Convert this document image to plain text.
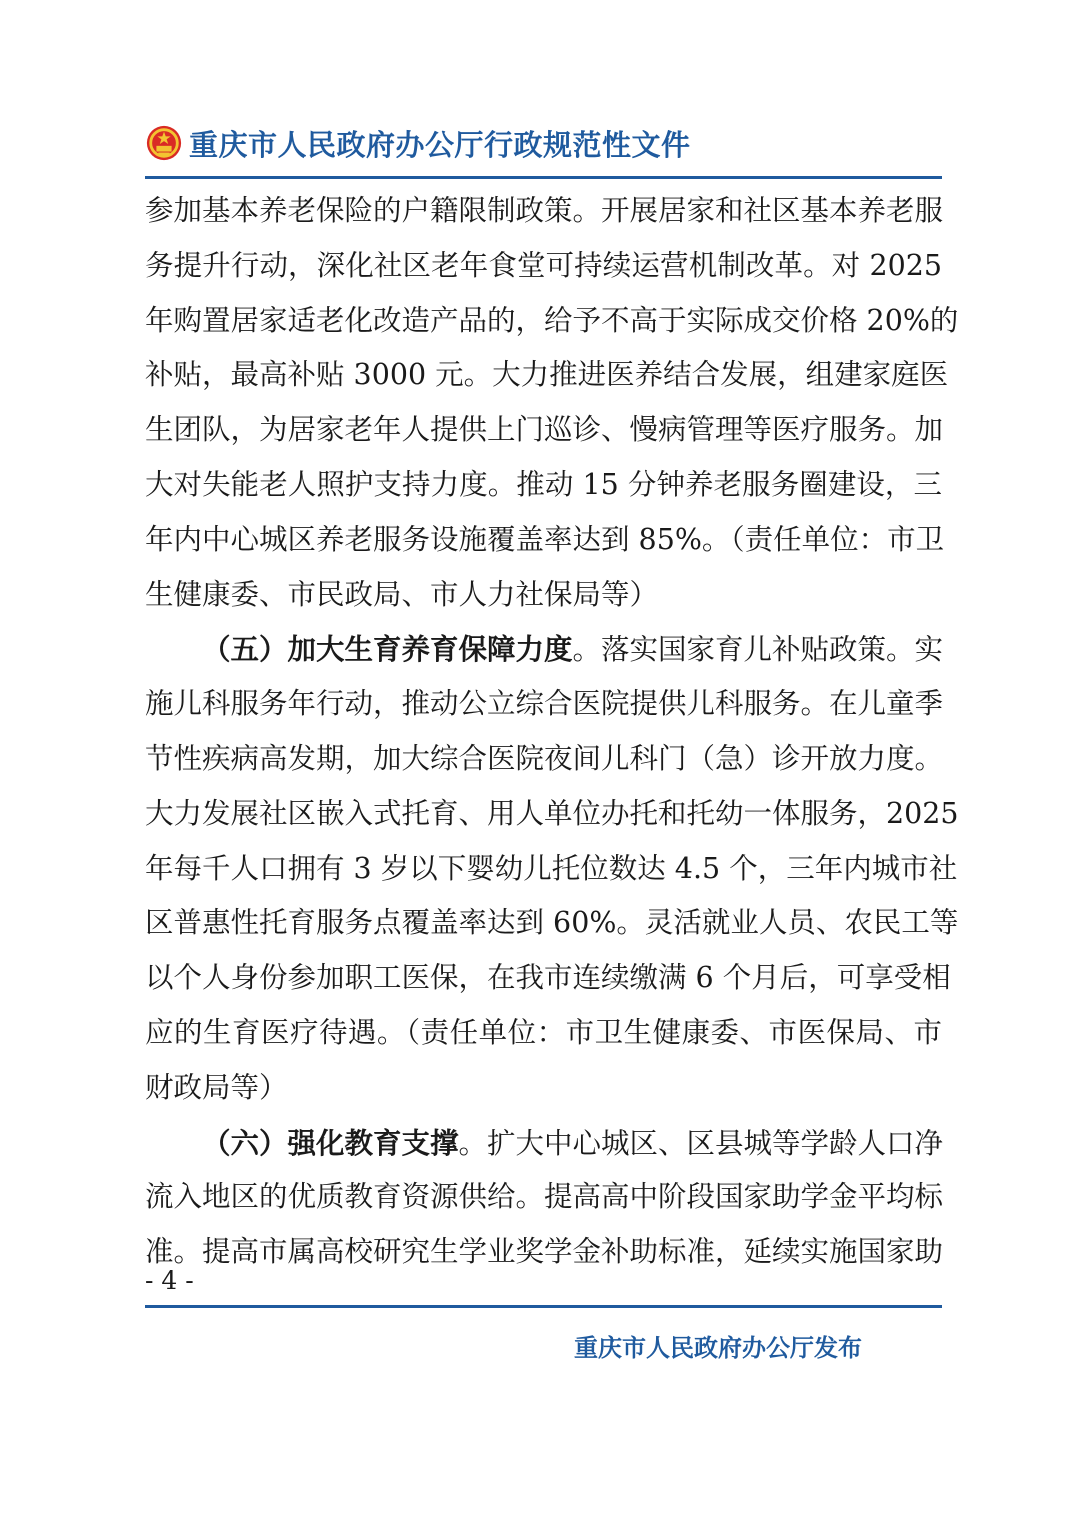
重庆市人民政府办公厅行政规范性文件
参加基本养老保险的户籍限制政策。开展居家和社区基本养老服
务提升行动，深化社区老年食堂可持续运营机制改革。对 2025
年购置居家适老化改造产品的，给予不高于实际成交价格 20%的
补贴，最高补贴 3000 元。大力推进医养结合发展，组建家庭医
生团队，为居家老年人提供上门巡诊、慢病管理等医疗服务。加
大对失能老人照护支持力度。推动 15 分钟养老服务圈建设，三
年内中心城区养老服务设施覆盖率达到 85%。（责任单位：市卫
生健康委、市民政局、市人力社保局等）
（五）加大生育养育保障力度。落实国家育儿补贴政策。实
施儿科服务年行动，推动公立综合医院提供儿科服务。在儿童季
节性疾病高发期，加大综合医院夜间儿科门（急）诊开放力度。
大力发展社区嵌入式托育、用人单位办托和托幼一体服务，2025
年每千人口拥有 3 岁以下婴幼儿托位数达 4.5 个，三年内城市社
区普惠性托育服务点覆盖率达到 60%。灵活就业人员、农民工等
以个人身份参加职工医保，在我市连续缴满 6 个月后，可享受相
应的生育医疗待遇。（责任单位：市卫生健康委、市医保局、市
财政局等）
（六）强化教育支撑。扩大中心城区、区县城等学龄人口净
流入地区的优质教育资源供给。提高高中阶段国家助学金平均标
准。提高市属高校研究生学业奖学金补助标准，延续实施国家助
- 4 -
重庆市人民政府办公厅发布
